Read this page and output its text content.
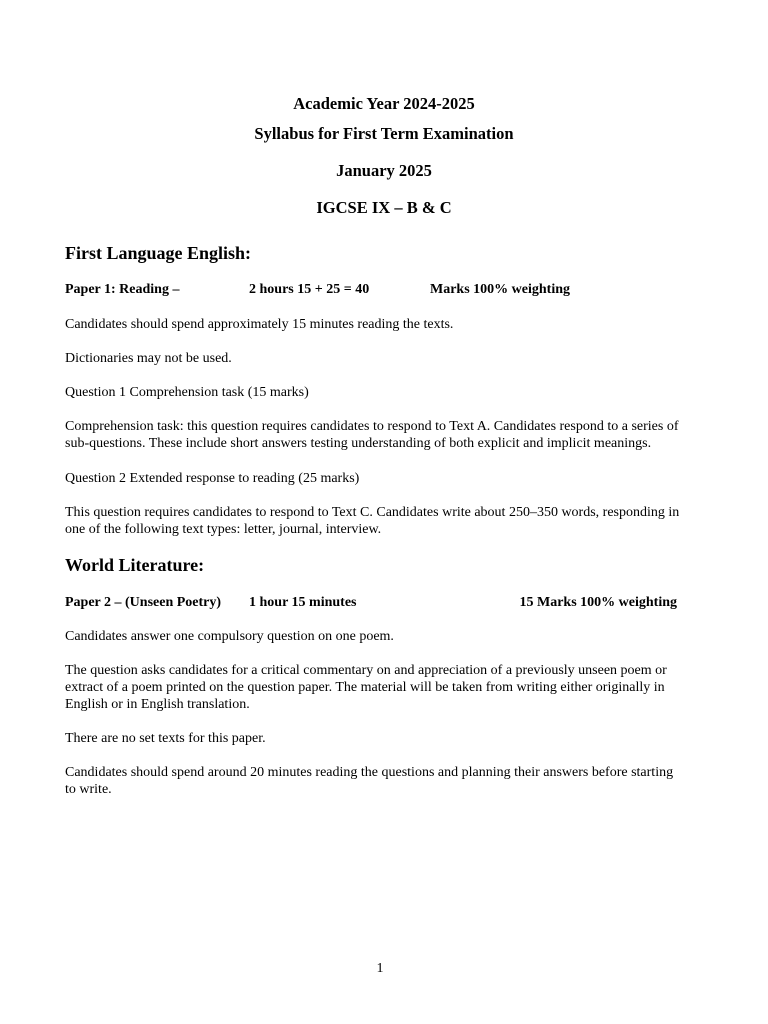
Academic Year 2024-2025
Syllabus for First Term Examination
January 2025
IGCSE IX – B & C
First Language English:
Paper 1: Reading –	2 hours 15 + 25 = 40	Marks 100% weighting
Candidates should spend approximately 15 minutes reading the texts.
Dictionaries may not be used.
Question 1 Comprehension task (15 marks)
Comprehension task: this question requires candidates to respond to Text A. Candidates respond to a series of sub-questions. These include short answers testing understanding of both explicit and implicit meanings.
Question 2 Extended response to reading (25 marks)
This question requires candidates to respond to Text C. Candidates write about 250–350 words, responding in one of the following text types: letter, journal, interview.
World Literature:
Paper 2 – (Unseen Poetry) 1 hour 15 minutes	15 Marks 100% weighting
Candidates answer one compulsory question on one poem.
The question asks candidates for a critical commentary on and appreciation of a previously unseen poem or extract of a poem printed on the question paper. The material will be taken from writing either originally in English or in English translation.
There are no set texts for this paper.
Candidates should spend around 20 minutes reading the questions and planning their answers before starting to write.
1
